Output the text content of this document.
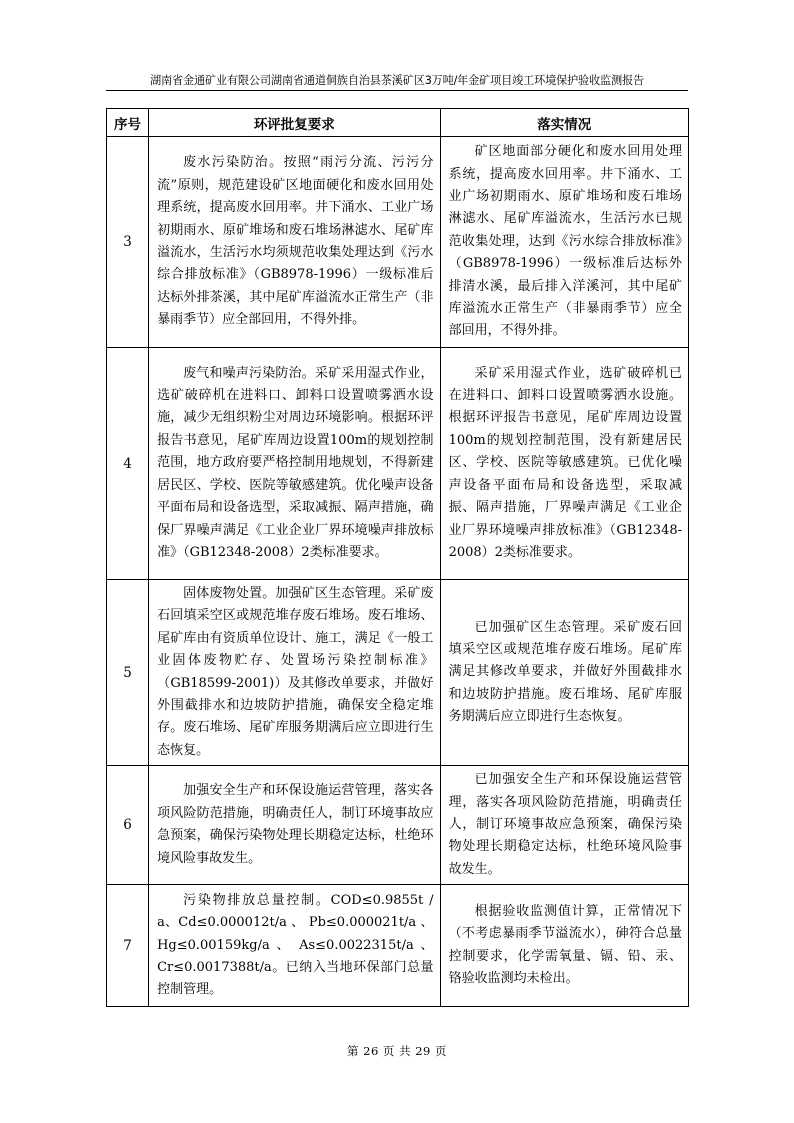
湖南省金通矿业有限公司湖南省通道侗族自治县茶溪矿区3万吨/年金矿项目竣工环境保护验收监测报告
序号	环评批复要求	落实情况
3	废水污染防治。按照“雨污分流、污污分流”原则，规范建设矿区地面硬化和废水回用处理系统，提高废水回用率。井下涌水、工业广场初期雨水、原矿堆场和废石堆场淋滤水、尾矿库溢流水，生活污水均须规范收集处理达到《污水综合排放标准》（GB8978-1996）一级标准后达标外排茶溪，其中尾矿库溢流水正常生产（非暴雨季节）应全部回用，不得外排。	矿区地面部分硬化和废水回用处理系统，提高废水回用率。井下涌水、工业广场初期雨水、原矿堆场和废石堆场淋滤水、尾矿库溢流水，生活污水已规范收集处理，达到《污水综合排放标准》（GB8978-1996）一级标准后达标外排清水溪，最后排入洋溪河，其中尾矿库溢流水正常生产（非暴雨季节）应全部回用，不得外排。

4	废气和噪声污染防治。采矿采用湿式作业，选矿破碎机在进料口、卸料口设置喷雾洒水设施，减少无组织粉尘对周边环境影响。根据环评报告书意见，尾矿库周边设置100m的规划控制范围，地方政府要严格控制用地规划，不得新建居民区、学校、医院等敏感建筑。优化噪声设备平面布局和设备选型，采取减振、隔声措施，确保厂界噪声满足《工业企业厂界环境噪声排放标准》（GB12348-2008）2类标准要求。	采矿采用湿式作业，选矿破碎机已在进料口、卸料口设置喷雾洒水设施。根据环评报告书意见，尾矿库周边设置100m的规划控制范围，没有新建居民区、学校、医院等敏感建筑。已优化噪声设备平面布局和设备选型，采取减振、隔声措施，厂界噪声满足《工业企业厂界环境噪声排放标准》（GB12348-2008）2类标准要求。

5	固体废物处置。加强矿区生态管理。采矿废石回填采空区或规范堆存废石堆场。废石堆场、尾矿库由有资质单位设计、施工，满足《一般工业固体废物贮存、处置场污染控制标准》（GB18599-2001)）及其修改单要求，并做好外围截排水和边坡防护措施，确保安全稳定堆存。废石堆场、尾矿库服务期满后应立即进行生态恢复。	已加强矿区生态管理。采矿废石回填采空区或规范堆存废石堆场。尾矿库满足其修改单要求，并做好外围截排水和边坡防护措施。废石堆场、尾矿库服务期满后应立即进行生态恢复。

6	加强安全生产和环保设施运营管理，落实各项风险防范措施，明确责任人，制订环境事故应急预案，确保污染物处理长期稳定达标，杜绝环境风险事故发生。	已加强安全生产和环保设施运营管理，落实各项风险防范措施，明确责任人，制订环境事故应急预案，确保污染物处理长期稳定达标，杜绝环境风险事故发生。

7	污染物排放总量控制。COD≤0.9855t / a、Cd≤0.000012t/a 、 Pb≤0.000021t/a 、Hg≤0.00159kg/a 、 As≤0.0022315t/a 、Cr≤0.0017388t/a。已纳入当地环保部门总量控制管理。	根据验收监测值计算，正常情况下（不考虑暴雨季节溢流水），砷符合总量控制要求，化学需氧量、镉、铅、汞、铬验收监测均未检出。

第 26 页 共 29 页
